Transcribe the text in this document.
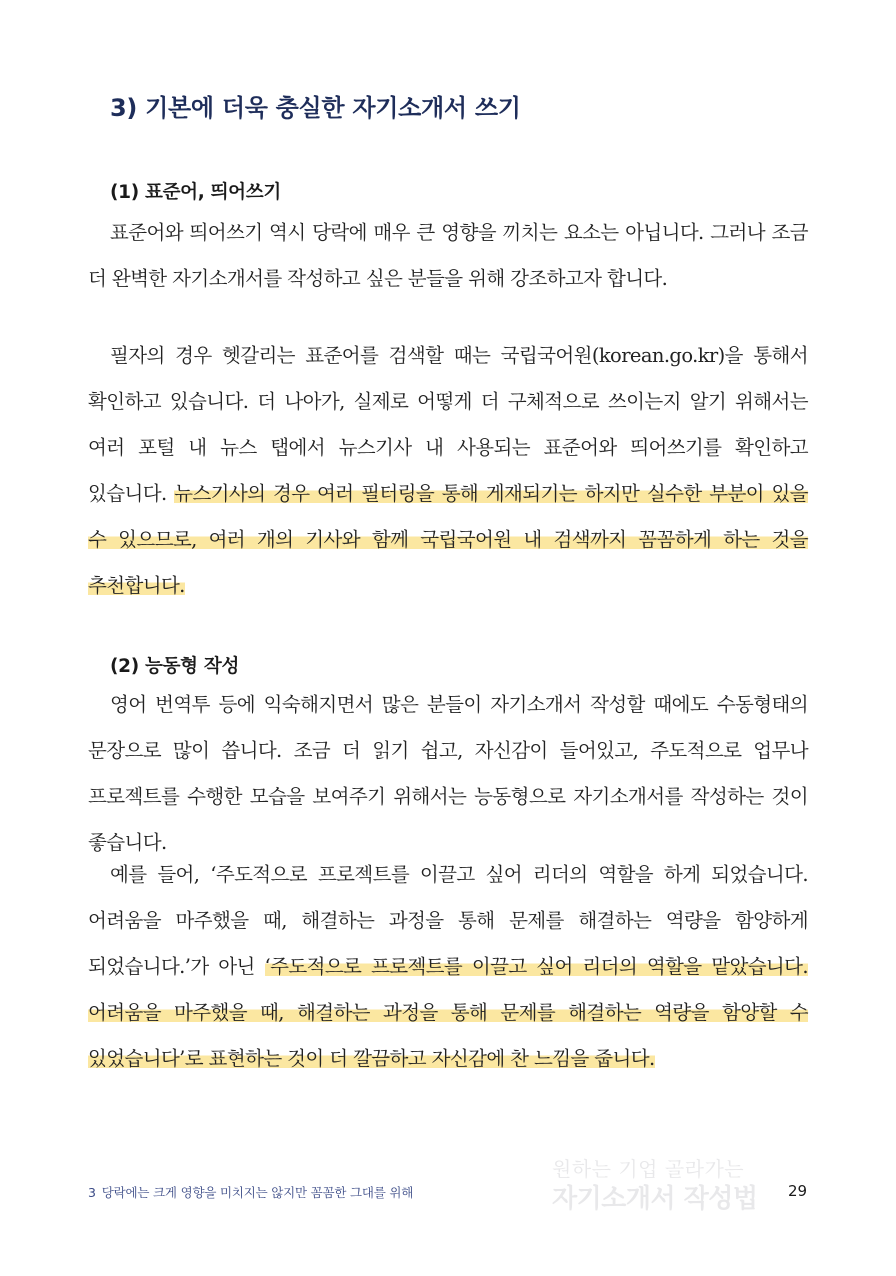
3) 기본에 더욱 충실한 자기소개서 쓰기
(1) 표준어, 띄어쓰기

표준어와 띄어쓰기 역시 당락에 매우 큰 영향을 끼치는 요소는 아닙니다. 그러나 조금 더 완벽한 자기소개서를 작성하고 싶은 분들을 위해 강조하고자 합니다.

필자의 경우 헷갈리는 표준어를 검색할 때는 국립국어원(korean.go.kr)을 통해서 확인하고 있습니다. 더 나아가, 실제로 어떻게 더 구체적으로 쓰이는지 알기 위해서는 여러 포털 내 뉴스 탭에서 뉴스기사 내 사용되는 표준어와 띄어쓰기를 확인하고 있습니다. 뉴스기사의 경우 여러 필터링을 통해 게재되기는 하지만 실수한 부분이 있을 수 있으므로, 여러 개의 기사와 함께 국립국어원 내 검색까지 꼼꼼하게 하는 것을 추천합니다.

(2) 능동형 작성

영어 번역투 등에 익숙해지면서 많은 분들이 자기소개서 작성할 때에도 수동형태의 문장으로 많이 씁니다. 조금 더 읽기 쉽고, 자신감이 들어있고, 주도적으로 업무나 프로젝트를 수행한 모습을 보여주기 위해서는 능동형으로 자기소개서를 작성하는 것이 좋습니다.

예를 들어, ‘주도적으로 프로젝트를 이끌고 싶어 리더의 역할을 하게 되었습니다. 어려움을 마주했을 때, 해결하는 과정을 통해 문제를 해결하는 역량을 함양하게 되었습니다.’가 아닌 ‘주도적으로 프로젝트를 이끌고 싶어 리더의 역할을 맡았습니다. 어려움을 마주했을 때, 해결하는 과정을 통해 문제를 해결하는 역량을 함양할 수 있었습니다’로 표현하는 것이 더 깔끔하고 자신감에 찬 느낌을 줍니다.

3 당락에는 크게 영향을 미치지는 않지만 꼼꼼한 그대를 위해
원하는 기업 골라가는
자기소개서 작성법 29
